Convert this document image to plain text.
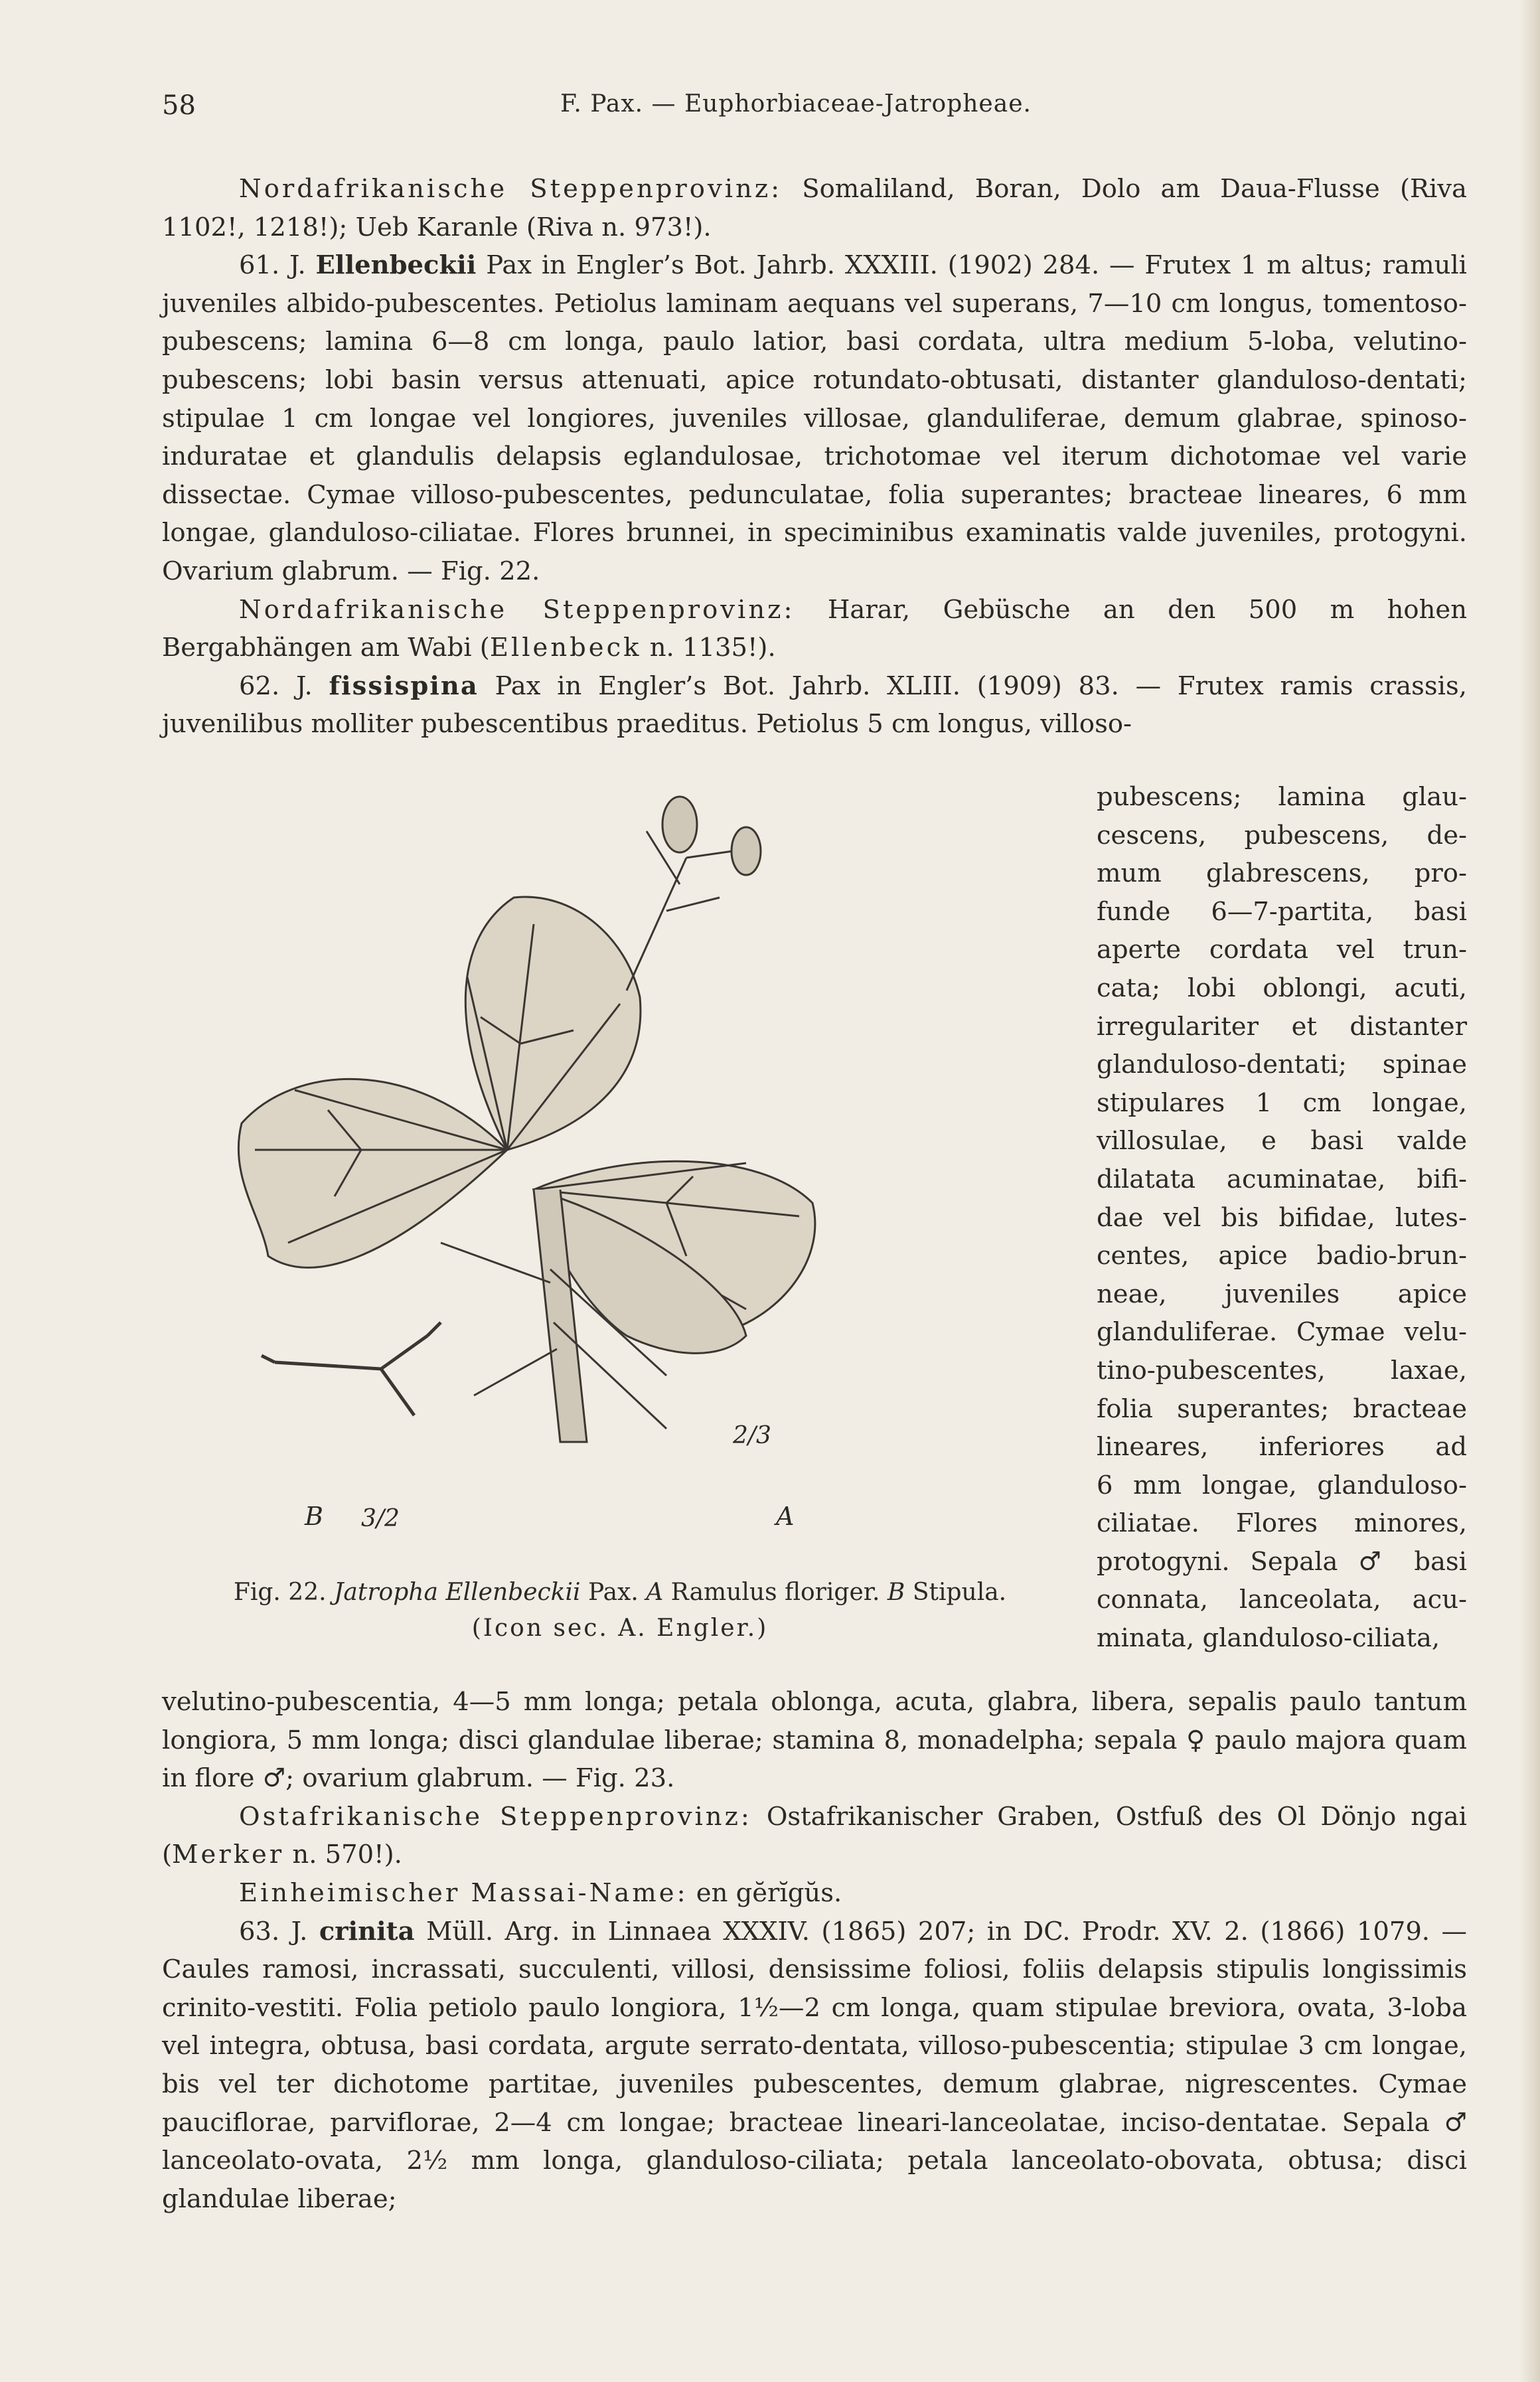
58	F. Pax. — Euphorbiaceae-Jatropheae.

Nordafrikanische Steppenprovinz: Somaliland, Boran, Dolo am Daua-Flusse (Riva 1102!, 1218!); Ueb Karanle (Riva n. 973!).

61. J. Ellenbeckii Pax in Engler’s Bot. Jahrb. XXXIII. (1902) 284. — Frutex 1 m altus; ramuli juveniles albido-pubescentes. Petiolus laminam aequans vel superans, 7—10 cm longus, tomentoso-pubescens; lamina 6—8 cm longa, paulo latior, basi cordata, ultra medium 5-loba, velutino-pubescens; lobi basin versus attenuati, apice rotundato-obtusati, distanter glanduloso-dentati; stipulae 1 cm longae vel longiores, juveniles villosae, glanduliferae, demum glabrae, spinoso-induratae et glandulis delapsis eglandulosae, trichotomae vel iterum dichotomae vel varie dissectae. Cymae villoso-pubescentes, pedunculatae, folia superantes; bracteae lineares, 6 mm longae, glanduloso-ciliatae. Flores brunnei, in speciminibus examinatis valde juveniles, protogyni. Ovarium glabrum. — Fig. 22.

Nordafrikanische Steppenprovinz: Harar, Gebüsche an den 500 m hohen Bergabhängen am Wabi (Ellenbeck n. 1135!).

62. J. fissispina Pax in Engler’s Bot. Jahrb. XLIII. (1909) 83. — Frutex ramis crassis, juvenilibus molliter pubescentibus praeditus. Petiolus 5 cm longus, villoso-

B 3/2	A
2/3
Fig. 22. Jatropha Ellenbeckii Pax. A Ramulus floriger. B Stipula.
(Icon sec. A. Engler.)
pubescens; lamina glau-
cescens, pubescens, de-
mum glabrescens, pro-
funde 6—7-partita, basi
aperte cordata vel trun-
cata; lobi oblongi, acuti,
irregulariter et distanter
glanduloso-dentati; spinae
stipulares 1 cm longae,
villosulae, e basi valde
dilatata acuminatae, bifi-
dae vel bis bifidae, lutes-
centes, apice badio-brun-
neae, juveniles apice
glanduliferae. Cymae velu-
tino-pubescentes, laxae,
folia superantes; bracteae
lineares, inferiores ad
6 mm longae, glanduloso-
ciliatae. Flores minores,
protogyni. Sepala ♂ basi
connata, lanceolata, acu-
minata, glanduloso-ciliata,

velutino-pubescentia, 4—5 mm longa; petala oblonga, acuta, glabra, libera, sepalis paulo tantum longiora, 5 mm longa; disci glandulae liberae; stamina 8, monadelpha; sepala ♀ paulo majora quam in flore ♂; ovarium glabrum. — Fig. 23.

Ostafrikanische Steppenprovinz: Ostafrikanischer Graben, Ostfuß des Ol Dönjo ngai (Merker n. 570!).

Einheimischer Massai-Name: en gĕrĭgŭs.

63. J. crinita Müll. Arg. in Linnaea XXXIV. (1865) 207; in DC. Prodr. XV. 2. (1866) 1079. — Caules ramosi, incrassati, succulenti, villosi, densissime foliosi, foliis delapsis stipulis longissimis crinito-vestiti. Folia petiolo paulo longiora, 1½—2 cm longa, quam stipulae breviora, ovata, 3-loba vel integra, obtusa, basi cordata, argute serrato-dentata, villoso-pubescentia; stipulae 3 cm longae, bis vel ter dichotome partitae, juveniles pubescentes, demum glabrae, nigrescentes. Cymae pauciflorae, parviflorae, 2—4 cm longae; bracteae lineari-lanceolatae, inciso-dentatae. Sepala ♂ lanceolato-ovata, 2½ mm longa, glanduloso-ciliata; petala lanceolato-obovata, obtusa; disci glandulae liberae;
